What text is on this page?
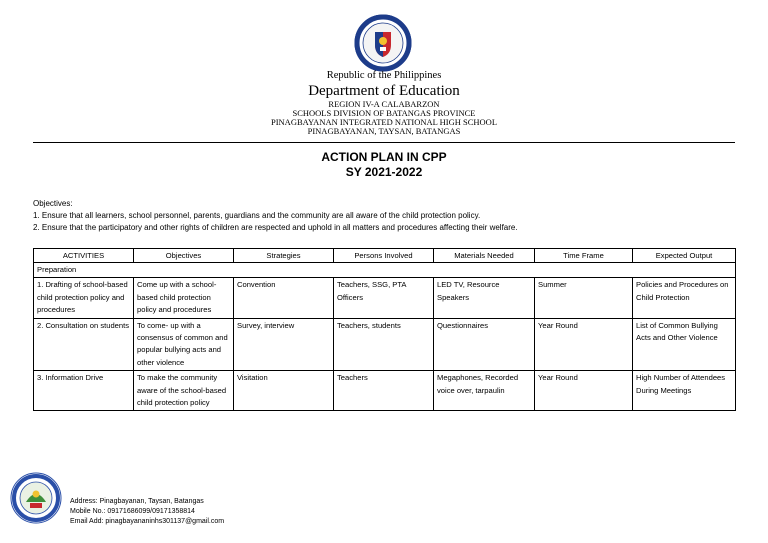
Republic of the Philippines
Department of Education
REGION IV-A CALABARZON
SCHOOLS DIVISION OF BATANGAS PROVINCE
PINAGBAYANAN INTEGRATED NATIONAL HIGH SCHOOL
PINAGBAYANAN, TAYSAN, BATANGAS
ACTION PLAN IN CPP
SY 2021-2022
Objectives:
1. Ensure that all learners, school personnel, parents, guardians and the community are all aware of the child protection policy.
2. Ensure that the participatory and other rights of children are respected and uphold in all matters and procedures affecting their welfare.
ACTIVITIES	Objectives	Strategies	Persons Involved	Materials Needed	Time Frame	Expected Output
Preparation						
1. Drafting of school-based child protection policy and procedures	Come up with a school-based child protection policy and procedures	Convention	Teachers, SSG, PTA Officers	LED TV, Resource Speakers	Summer	Policies and Procedures on Child Protection
2. Consultation on students	To come- up with a consensus of common and popular bullying acts and other violence	Survey, interview	Teachers, students	Questionnaires	Year Round	List of Common Bullying Acts and Other Violence
3. Information Drive	To make the community aware of the school-based child protection policy	Visitation	Teachers	Megaphones, Recorded voice over, tarpaulin	Year Round	High Number of Attendees During Meetings
Address: Pinagbayanan, Taysan, Batangas
Mobile No.: 09171686099/09171358814
Email Add: pinagbayananinhs301137@gmail.com
